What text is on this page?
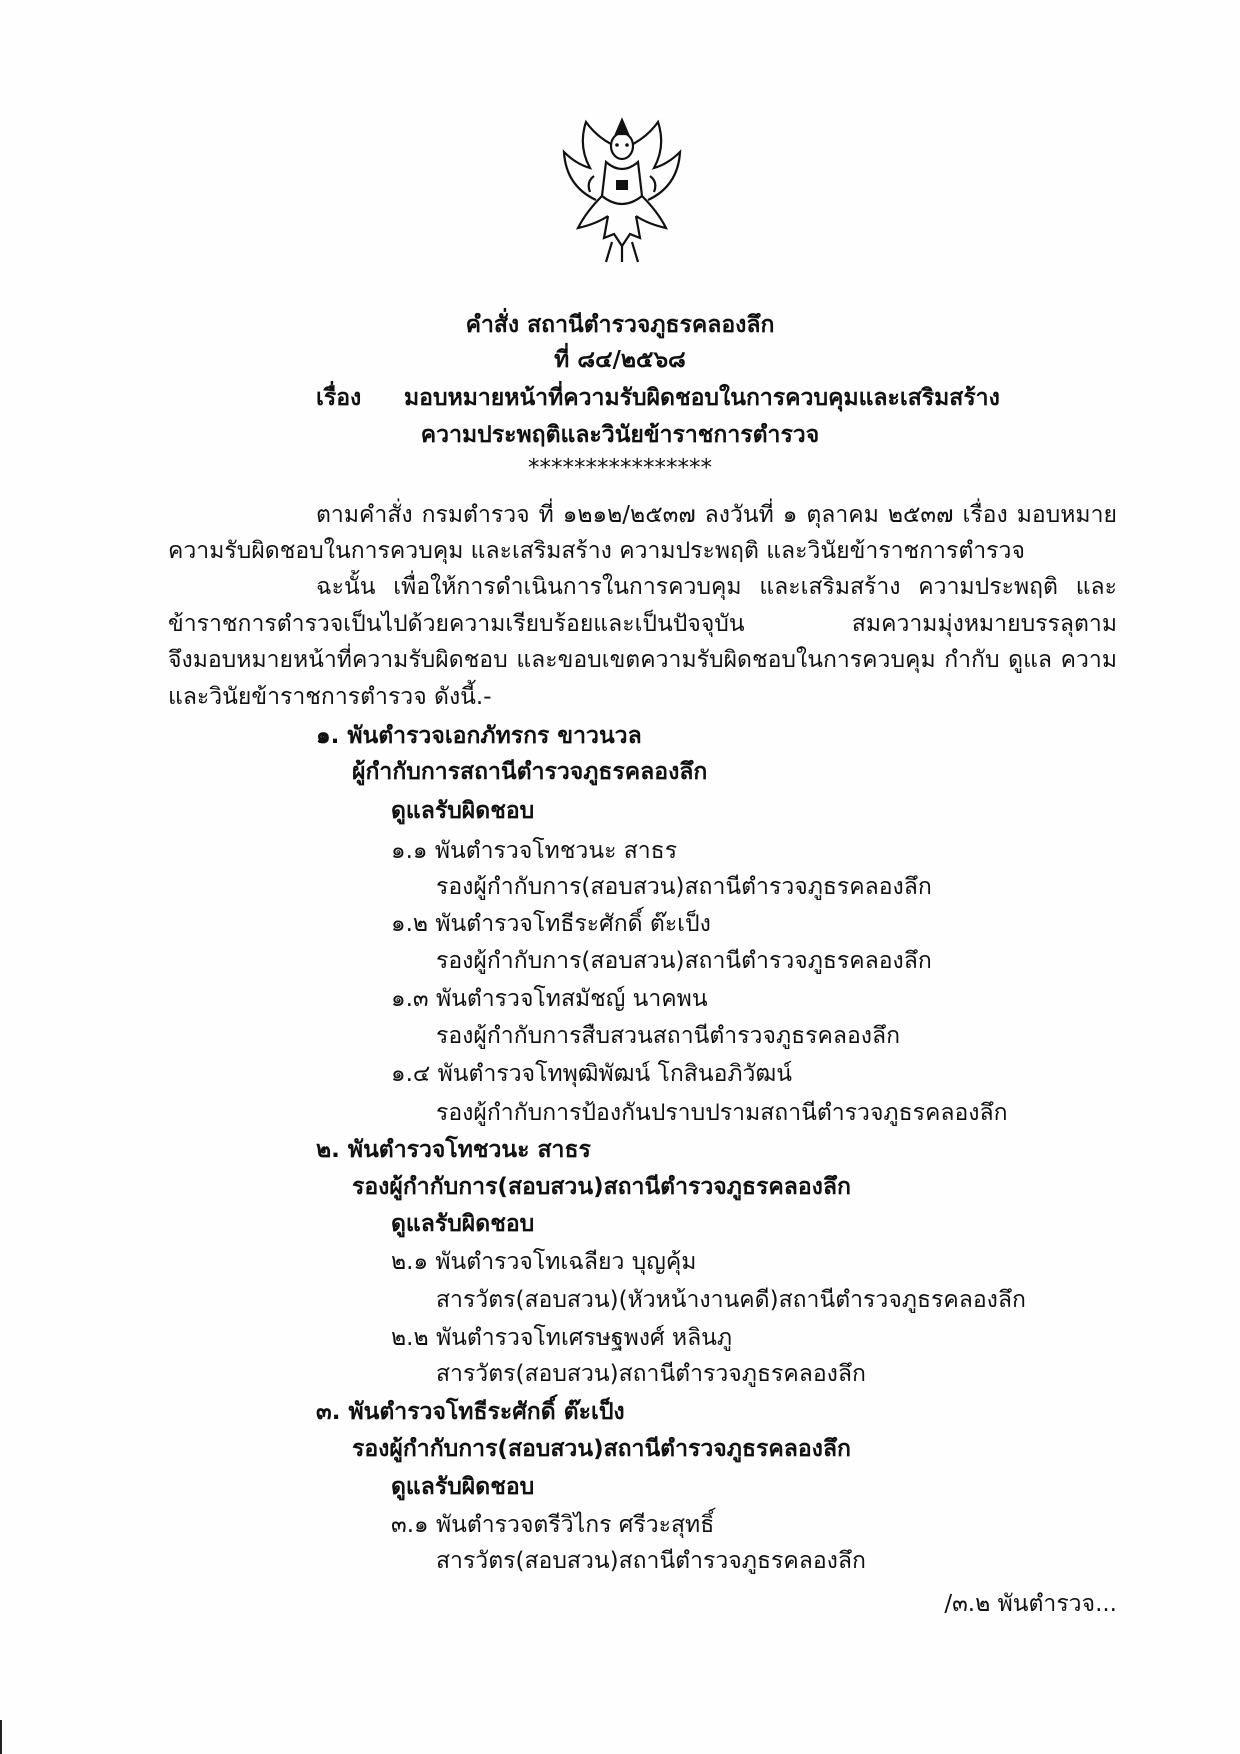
คำสั่ง สถานีตำรวจภูธรคลองลึก
ที่ ๘๔/๒๕๖๘
เรื่อง มอบหมายหน้าที่ความรับผิดชอบในการควบคุมและเสริมสร้าง
ความประพฤติและวินัยข้าราชการตำรวจ
****************
ตามคำสั่ง กรมตำรวจ ที่ ๑๒๑๒/๒๕๓๗ ลงวันที่ ๑ ตุลาคม ๒๕๓๗ เรื่อง มอบหมาย
ความรับผิดชอบในการควบคุม และเสริมสร้าง ความประพฤติ และวินัยข้าราชการตำรวจ
ฉะนั้น เพื่อให้การดำเนินการในการควบคุม และเสริมสร้าง ความประพฤติ และ
ข้าราชการตำรวจเป็นไปด้วยความเรียบร้อยและเป็นปัจจุบัน สมความมุ่งหมายบรรลุตาม
จึงมอบหมายหน้าที่ความรับผิดชอบ และขอบเขตความรับผิดชอบในการควบคุม กำกับ ดูแล ความ
และวินัยข้าราชการตำรวจ ดังนี้.-
๑. พันตำรวจเอกภัทรกร ขาวนวล
ผู้กำกับการสถานีตำรวจภูธรคลองลึก
ดูแลรับผิดชอบ
๑.๑ พันตำรวจโทชวนะ สาธร
รองผู้กำกับการ(สอบสวน)สถานีตำรวจภูธรคลองลึก
๑.๒ พันตำรวจโทธีระศักดิ์ ต๊ะเป็ง
รองผู้กำกับการ(สอบสวน)สถานีตำรวจภูธรคลองลึก
๑.๓ พันตำรวจโทสมัชญ์ นาคพน
รองผู้กำกับการสืบสวนสถานีตำรวจภูธรคลองลึก
๑.๔ พันตำรวจโทพุฒิพัฒน์ โกสินอภิวัฒน์
รองผู้กำกับการป้องกันปราบปรามสถานีตำรวจภูธรคลองลึก
๒. พันตำรวจโทชวนะ สาธร
รองผู้กำกับการ(สอบสวน)สถานีตำรวจภูธรคลองลึก
ดูแลรับผิดชอบ
๒.๑ พันตำรวจโทเฉลียว บุญคุ้ม
สารวัตร(สอบสวน)(หัวหน้างานคดี)สถานีตำรวจภูธรคลองลึก
๒.๒ พันตำรวจโทเศรษฐพงศ์ หลินภู
สารวัตร(สอบสวน)สถานีตำรวจภูธรคลองลึก
๓. พันตำรวจโทธีระศักดิ์ ต๊ะเป็ง
รองผู้กำกับการ(สอบสวน)สถานีตำรวจภูธรคลองลึก
ดูแลรับผิดชอบ
๓.๑ พันตำรวจตรีวิไกร ศรีวะสุทธิ์
สารวัตร(สอบสวน)สถานีตำรวจภูธรคลองลึก
/๓.๒ พันตำรวจ...
